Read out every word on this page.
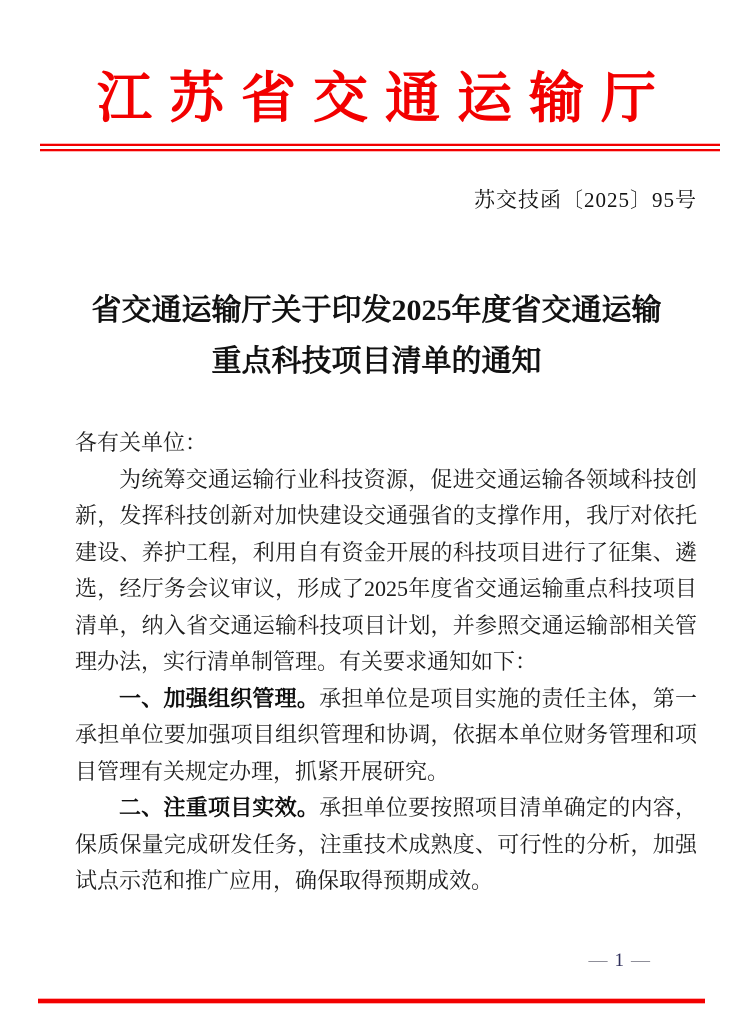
江苏省交通运输厅
苏交技函〔2025〕95号
省交通运输厅关于印发2025年度省交通运输
重点科技项目清单的通知

各有关单位：

为统筹交通运输行业科技资源，促进交通运输各领域科技创新，发挥科技创新对加快建设交通强省的支撑作用，我厅对依托建设、养护工程，利用自有资金开展的科技项目进行了征集、遴选，经厅务会议审议，形成了2025年度省交通运输重点科技项目清单，纳入省交通运输科技项目计划，并参照交通运输部相关管理办法，实行清单制管理。有关要求通知如下：

一、加强组织管理。承担单位是项目实施的责任主体，第一承担单位要加强项目组织管理和协调，依据本单位财务管理和项目管理有关规定办理，抓紧开展研究。

二、注重项目实效。承担单位要按照项目清单确定的内容，保质保量完成研发任务，注重技术成熟度、可行性的分析，加强试点示范和推广应用，确保取得预期成效。

— 1 —
